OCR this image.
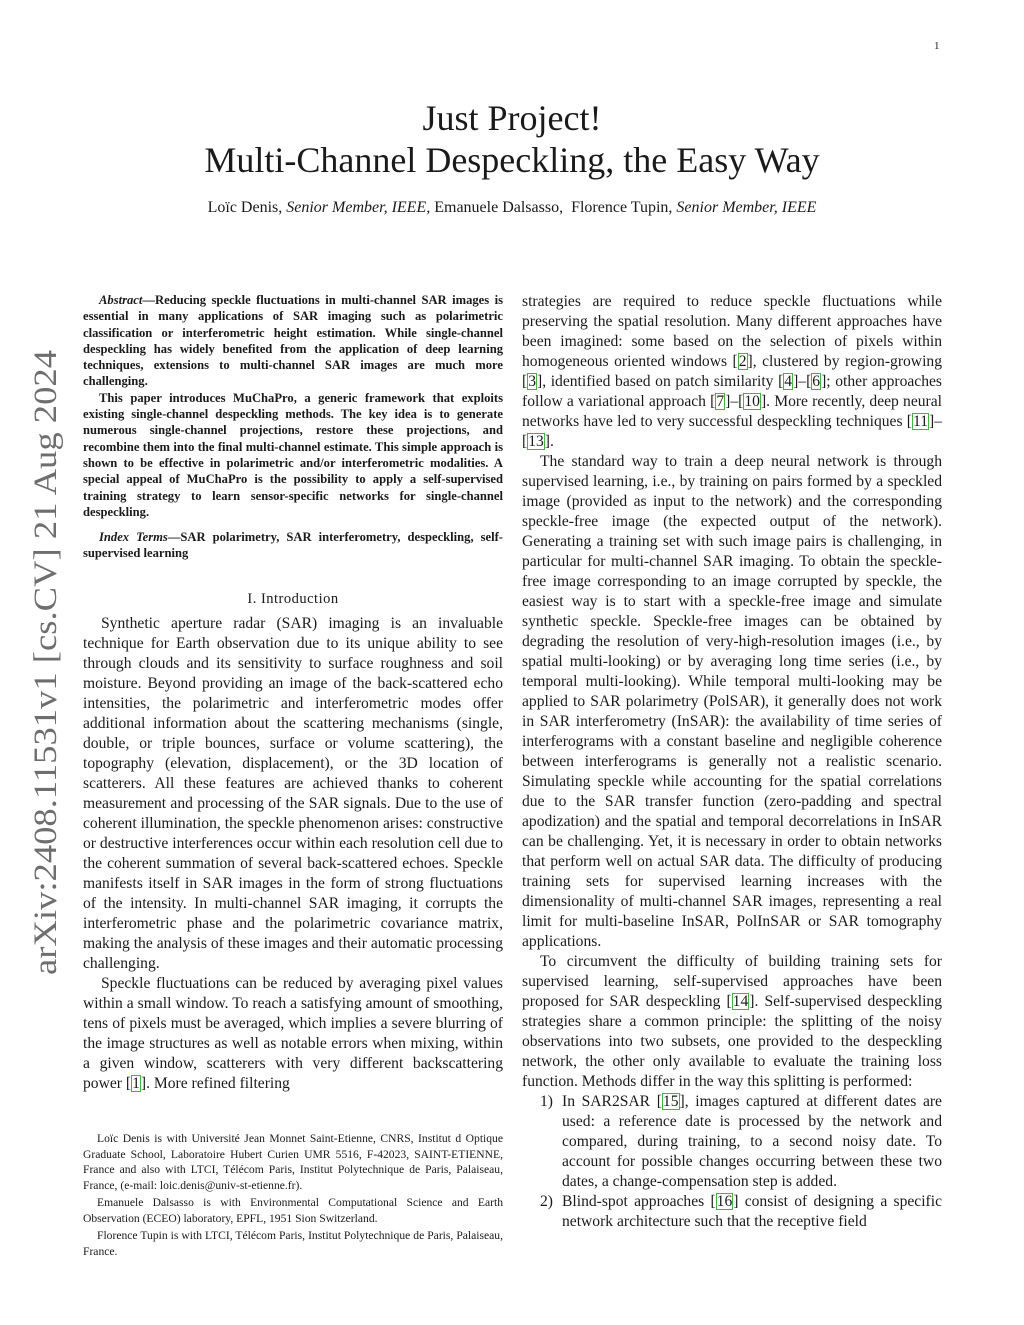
1
arXiv:2408.11531v1 [cs.CV] 21 Aug 2024
Just Project!
Multi-Channel Despeckling, the Easy Way
Loïc Denis, Senior Member, IEEE, Emanuele Dalsasso, Florence Tupin, Senior Member, IEEE

Abstract—Reducing speckle fluctuations in multi-channel SAR images is essential in many applications of SAR imaging such as polarimetric classification or interferometric height estimation. While single-channel despeckling has widely benefited from the application of deep learning techniques, extensions to multi-channel SAR images are much more challenging.

This paper introduces MuChaPro, a generic framework that exploits existing single-channel despeckling methods. The key idea is to generate numerous single-channel projections, restore these projections, and recombine them into the final multi-channel estimate. This simple approach is shown to be effective in polarimetric and/or interferometric modalities. A special appeal of MuChaPro is the possibility to apply a self-supervised training strategy to learn sensor-specific networks for single-channel despeckling.

Index Terms—SAR polarimetry, SAR interferometry, despeckling, self-supervised learning

I. Introduction

Synthetic aperture radar (SAR) imaging is an invaluable technique for Earth observation due to its unique ability to see through clouds and its sensitivity to surface roughness and soil moisture. Beyond providing an image of the back-scattered echo intensities, the polarimetric and interferometric modes offer additional information about the scattering mechanisms (single, double, or triple bounces, surface or volume scattering), the topography (elevation, displacement), or the 3D location of scatterers. All these features are achieved thanks to coherent measurement and processing of the SAR signals. Due to the use of coherent illumination, the speckle phenomenon arises: constructive or destructive interferences occur within each resolution cell due to the coherent summation of several back-scattered echoes. Speckle manifests itself in SAR images in the form of strong fluctuations of the intensity. In multi-channel SAR imaging, it corrupts the interferometric phase and the polarimetric covariance matrix, making the analysis of these images and their automatic processing challenging.

Speckle fluctuations can be reduced by averaging pixel values within a small window. To reach a satisfying amount of smoothing, tens of pixels must be averaged, which implies a severe blurring of the image structures as well as notable errors when mixing, within a given window, scatterers with very different backscattering power [1]. More refined filtering

Loïc Denis is with Université Jean Monnet Saint-Etienne, CNRS, Institut d Optique Graduate School, Laboratoire Hubert Curien UMR 5516, F-42023, SAINT-ETIENNE, France and also with LTCI, Télécom Paris, Institut Polytechnique de Paris, Palaiseau, France, (e-mail: loic.denis@univ-st-etienne.fr).

Emanuele Dalsasso is with Environmental Computational Science and Earth Observation (ECEO) laboratory, EPFL, 1951 Sion Switzerland.

Florence Tupin is with LTCI, Télécom Paris, Institut Polytechnique de Paris, Palaiseau, France.

strategies are required to reduce speckle fluctuations while preserving the spatial resolution. Many different approaches have been imagined: some based on the selection of pixels within homogeneous oriented windows [2], clustered by region-growing [3], identified based on patch similarity [4]–[6]; other approaches follow a variational approach [7]–[10]. More recently, deep neural networks have led to very successful despeckling techniques [11]–[13].

The standard way to train a deep neural network is through supervised learning, i.e., by training on pairs formed by a speckled image (provided as input to the network) and the corresponding speckle-free image (the expected output of the network). Generating a training set with such image pairs is challenging, in particular for multi-channel SAR imaging. To obtain the speckle-free image corresponding to an image corrupted by speckle, the easiest way is to start with a speckle-free image and simulate synthetic speckle. Speckle-free images can be obtained by degrading the resolution of very-high-resolution images (i.e., by spatial multi-looking) or by averaging long time series (i.e., by temporal multi-looking). While temporal multi-looking may be applied to SAR polarimetry (PolSAR), it generally does not work in SAR interferometry (InSAR): the availability of time series of interferograms with a constant baseline and negligible coherence between interferograms is generally not a realistic scenario. Simulating speckle while accounting for the spatial correlations due to the SAR transfer function (zero-padding and spectral apodization) and the spatial and temporal decorrelations in InSAR can be challenging. Yet, it is necessary in order to obtain networks that perform well on actual SAR data. The difficulty of producing training sets for supervised learning increases with the dimensionality of multi-channel SAR images, representing a real limit for multi-baseline InSAR, PolInSAR or SAR tomography applications.

To circumvent the difficulty of building training sets for supervised learning, self-supervised approaches have been proposed for SAR despeckling [14]. Self-supervised despeckling strategies share a common principle: the splitting of the noisy observations into two subsets, one provided to the despeckling network, the other only available to evaluate the training loss function. Methods differ in the way this splitting is performed:

1) In SAR2SAR [15], images captured at different dates are used: a reference date is processed by the network and compared, during training, to a second noisy date. To account for possible changes occurring between these two dates, a change-compensation step is added.
2) Blind-spot approaches [16] consist of designing a specific network architecture such that the receptive field
